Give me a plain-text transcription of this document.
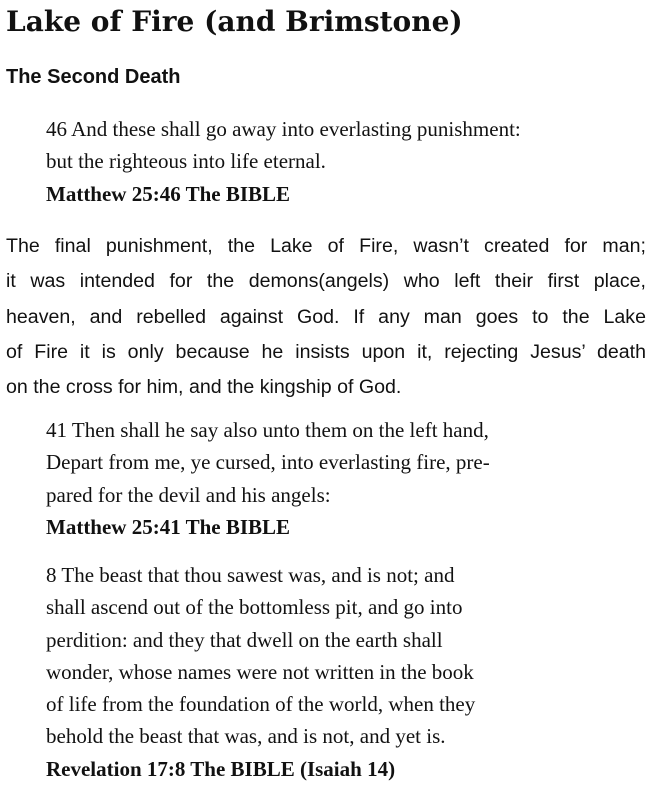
Lake of Fire (and Brimstone)
The Second Death
46 And these shall go away into everlasting punishment:
but the righteous into life eternal.
Matthew 25:46 The BIBLE
The final punishment, the Lake of Fire, wasn’t created for man;
it was intended for the demons(angels) who left their first place,
heaven, and rebelled against God. If any man goes to the Lake
of Fire it is only because he insists upon it, rejecting Jesus’ death
on the cross for him, and the kingship of God.
41 Then shall he say also unto them on the left hand,
Depart from me, ye cursed, into everlasting fire, pre-
pared for the devil and his angels:
Matthew 25:41 The BIBLE
8 The beast that thou sawest was, and is not; and
shall ascend out of the bottomless pit, and go into
perdition: and they that dwell on the earth shall
wonder, whose names were not written in the book
of life from the foundation of the world, when they
behold the beast that was, and is not, and yet is.
Revelation 17:8 The BIBLE (Isaiah 14)
